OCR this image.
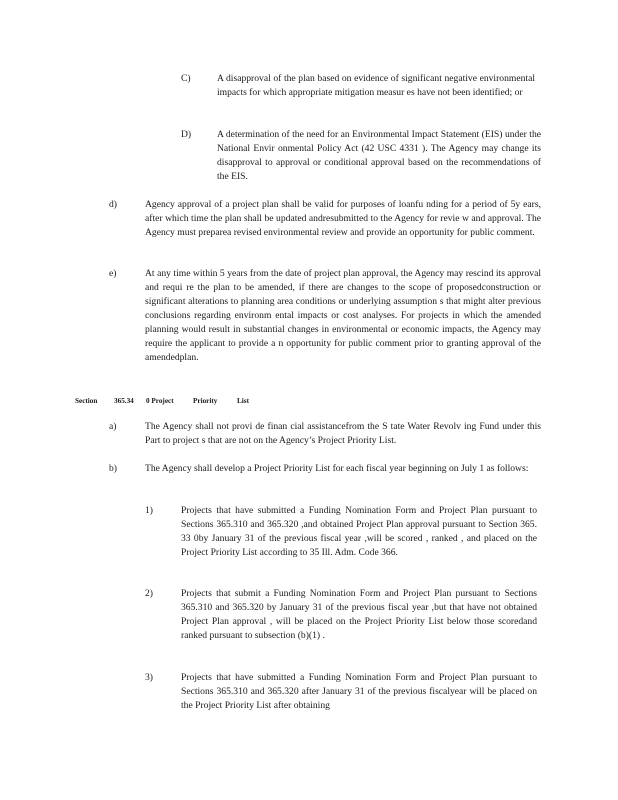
C)	A disapproval of the plan based on evidence of significant negative environmental impacts for which appropriate mitigation measur es have not been identified; or
D)	A determination of the need for an Environmental Impact Statement (EIS) under the National Envir onmental Policy Act (42 USC 4331 ). The Agency may change its disapproval to approval or conditional approval based on the recommendations of the EIS.
d)	Agency approval of a project plan shall be valid for purposes of loanfu nding for a period of 5y ears, after which time the plan shall be updated andresubmitted to the Agency for revie w and approval. The Agency must preparea revised environmental review and provide an opportunity for public comment.
e)	At any time within 5 years from the date of project plan approval, the Agency may rescind its approval and requi re the plan to be amended, if there are changes to the scope of proposedconstruction or significant alterations to planning area conditions or underlying assumption s that might alter previous conclusions regarding environm ental impacts or cost analyses. For projects in which the amended planning would result in substantial changes in environmental or economic impacts, the Agency may require the applicant to provide a n opportunity for public comment prior to granting approval of the amendedplan.
Section 365.34 0 Project	Priority	List
a)	The Agency shall not provi de finan cial assistancefrom the S tate Water Revolv ing Fund under this Part to project s that are not on the Agency’s Project Priority List.
b)	The Agency shall develop a Project Priority List for each fiscal year beginning on July 1 as follows:
1)	Projects that have submitted a Funding Nomination Form and Project Plan pursuant to Sections 365.310 and 365.320 ,and obtained Project Plan approval pursuant to Section 365. 33 0by January 31 of the previous fiscal year ,will be scored , ranked , and placed on the Project Priority List according to 35 Ill. Adm. Code 366.
2)	Projects that submit a Funding Nomination Form and Project Plan pursuant to Sections 365.310 and 365.320 by January 31 of the previous fiscal year ,but that have not obtained Project Plan approval , will be placed on the Project Priority List below those scoredand ranked pursuant to subsection (b)(1) .
3)	Projects that have submitted a Funding Nomination Form and Project Plan pursuant to Sections 365.310 and 365.320 after January 31 of the previous fiscalyear will be placed on the Project Priority List after obtaining
